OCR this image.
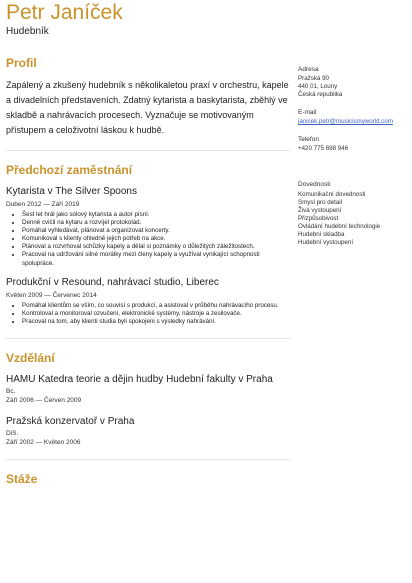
Petr Janíček
Hudebník
Profil

Zapálený a zkušený hudebník s několikaletou praxí v orchestru, kapele a divadelních představeních. Zdatný kytarista a baskytarista, zběhlý ve skladbě a nahrávacích procesech. Vyznačuje se motivovaným přístupem a celoživotní láskou k hudbě.

Předchozí zaměstnání
Kytarista v The Silver Spoons
Duben 2012 — Září 2019
• Šest let hrál jako sólový kytarista a autor písní.
• Denně cvičil na kytaru a rozvíjel protokolád.
• Pomáhal vyhledávat, plánovat a organizovat koncerty.
• Komunikoval s klienty ohledně jejich potřeb na akce.
• Plánoval a rozvrhoval schůzky kapely a dělal si poznámky o důležitých záležitostech.
• Pracoval na udržování silné morálky mezi členy kapely a využíval vynikající schopnosti spolupráce.
Produkční v Resound, nahrávací studio, Liberec
Květen 2009 — Červenec 2014
• Pomáhal klientům se vším, co souvisí s produkcí, a asistoval v průběhu nahrávacího procesu.
• Kontroloval a monitoroval ozvučení, elektronické systémy, nástroje a zesilovače.
• Pracoval na tom, aby klienti studia byli spokojeni s výsledky nahrávání.
Vzdělání
HAMU Katedra teorie a dějin hudby Hudební fakulty v Praha
Bc.
Září 2006 — Červen 2009
Pražská konzervatoř v Praha
DiS.
Září 2002 — Květen 2006
Stáže
Adresa
Pražská 90
440 01, Louny
Česká republika
E-mail
janicek.petr@musicismyworld.com
Telefon
+420 775 698 946
Dovednosti
Komunikační dovednosti
Smysl pro detail
Živá vystoupení
Přizpůsobivost
Ovládání hudební technologie
Hudební skladba
Hudební vystoupení
